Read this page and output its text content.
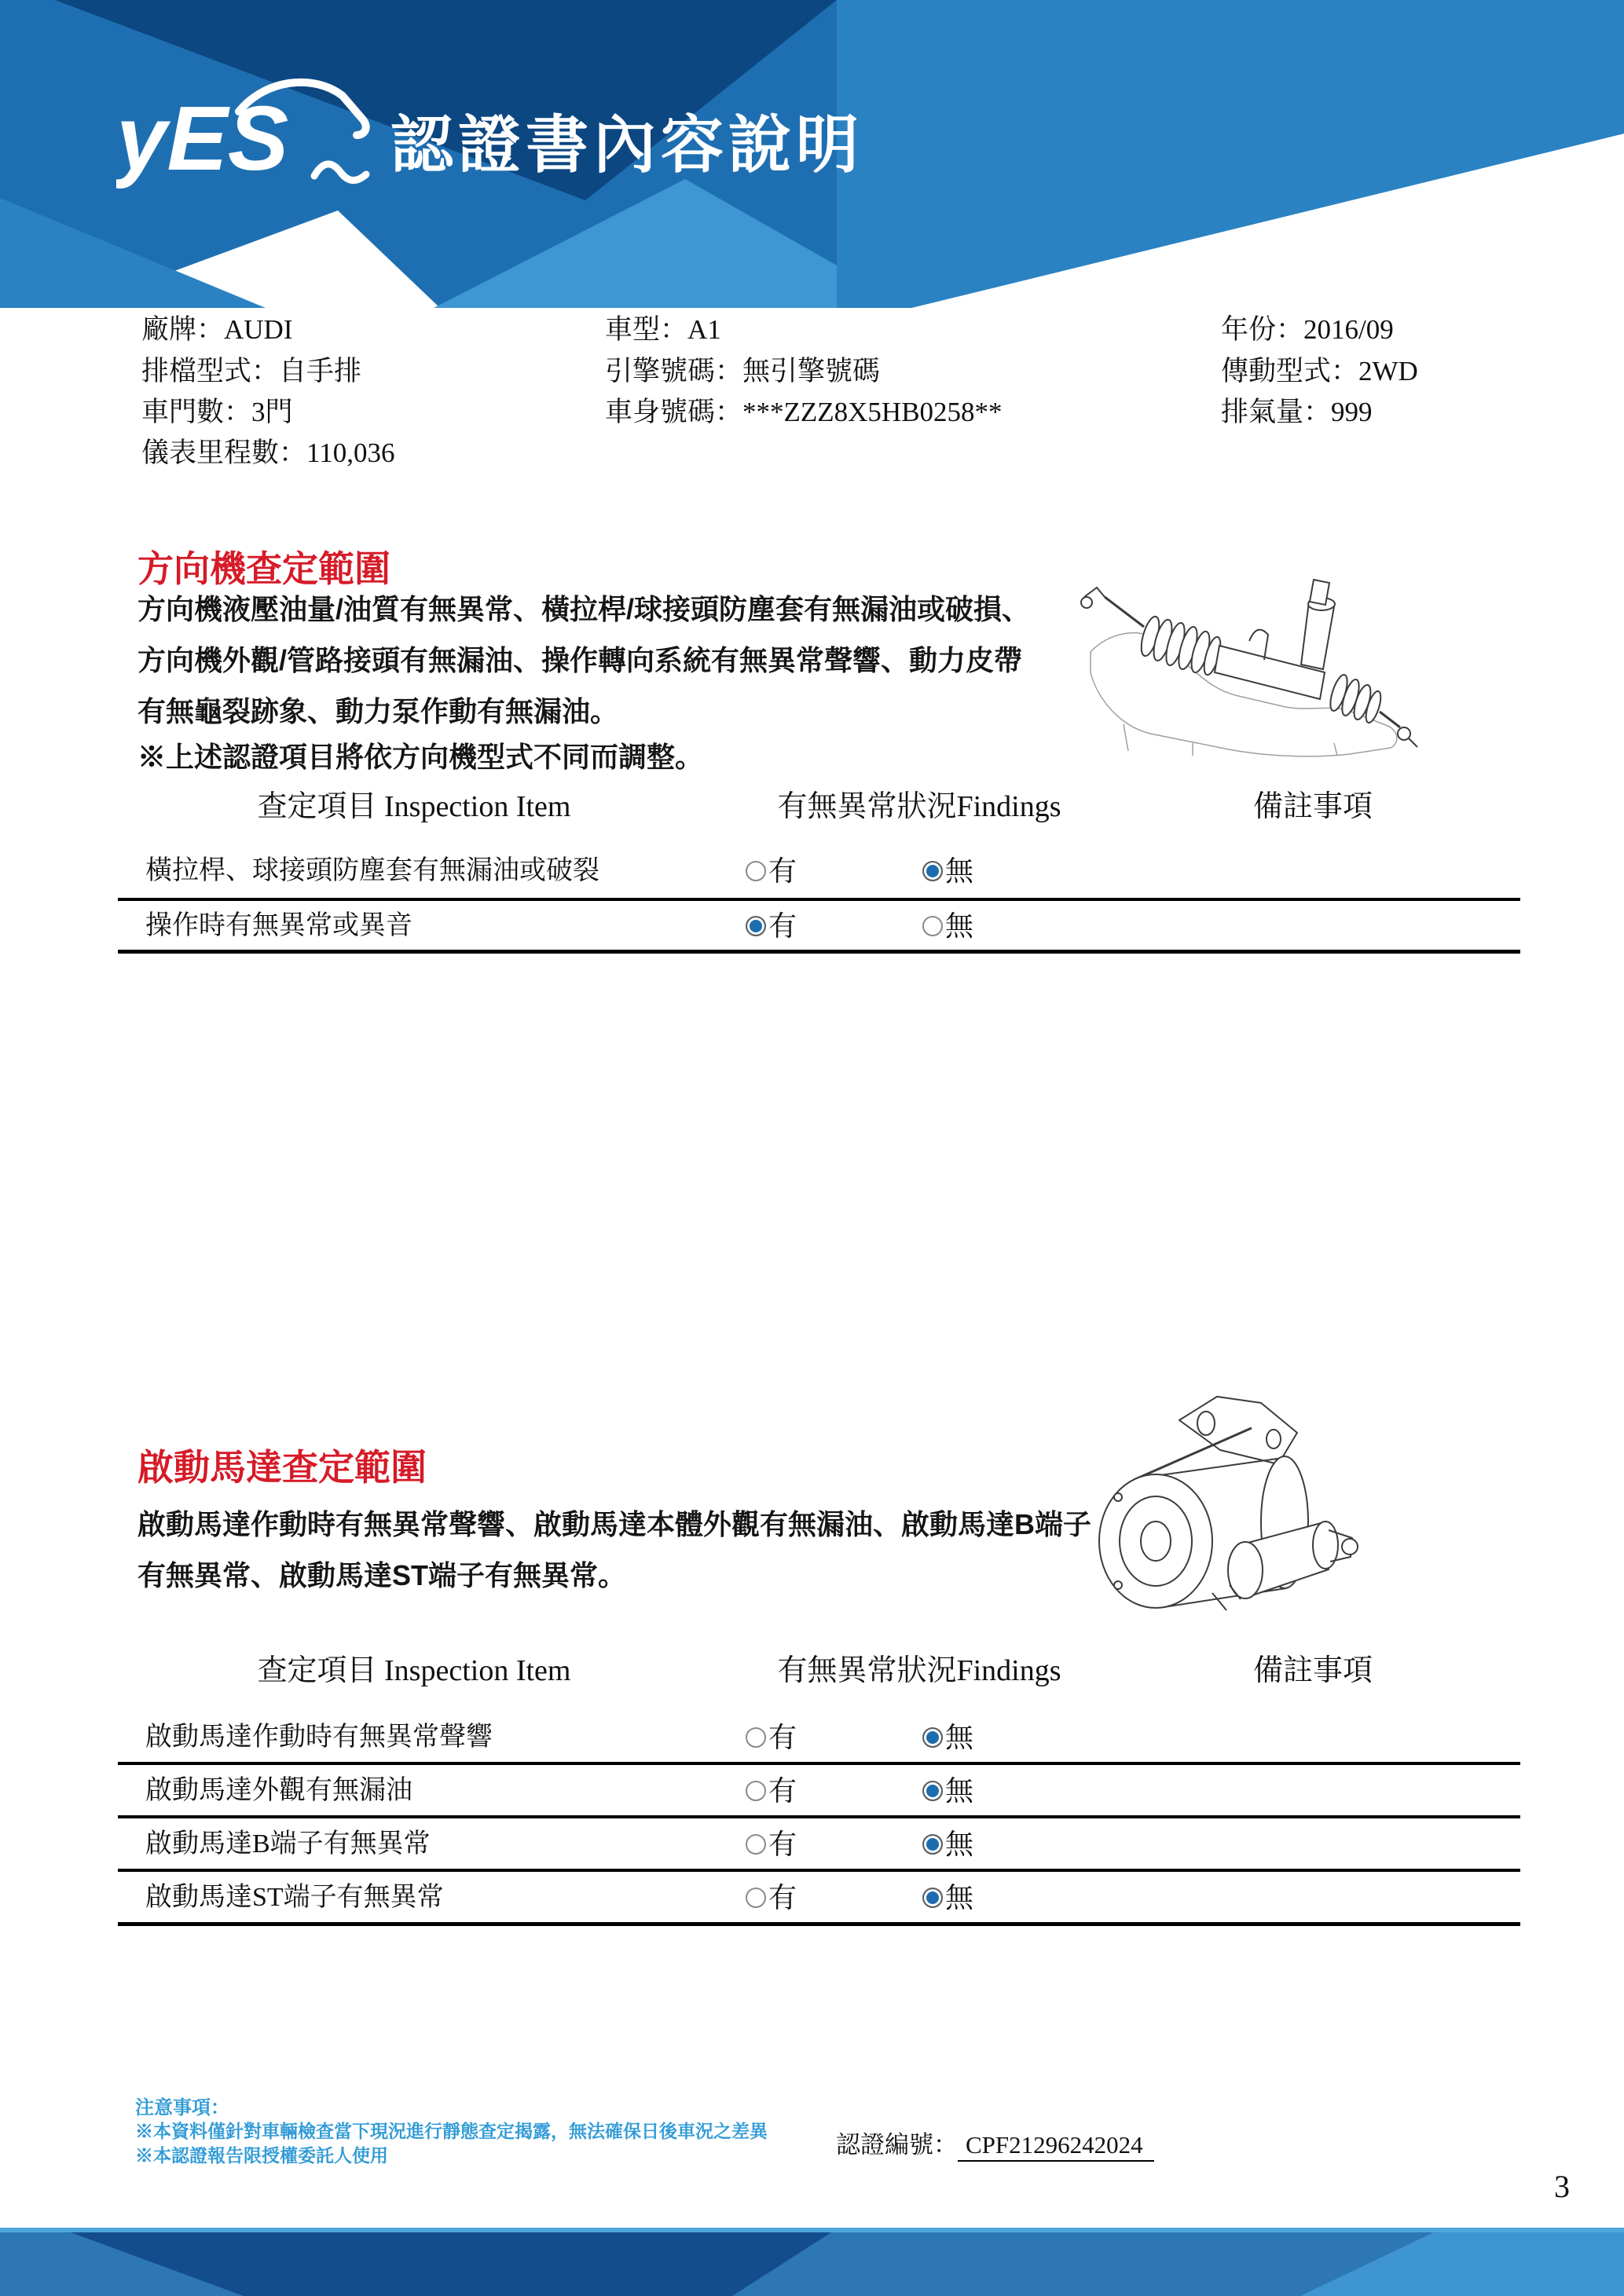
yES 認證書內容說明
廠牌：AUDI
排檔型式：自手排
車門數：3門
儀表里程數：110,036
車型：A1
引擎號碼：無引擎號碼
車身號碼：***ZZZ8X5HB0258**
年份：2016/09
傳動型式：2WD
排氣量：999
方向機查定範圍
方向機液壓油量/油質有無異常、橫拉桿/球接頭防塵套有無漏油或破損、
方向機外觀/管路接頭有無漏油、操作轉向系統有無異常聲響、動力皮帶
有無龜裂跡象、動力泵作動有無漏油。
※上述認證項目將依方向機型式不同而調整。
查定項目 Inspection Item	有無異常狀況Findings	備註事項
橫拉桿、球接頭防塵套有無漏油或破裂	有	無
操作時有無異常或異音	有	無
啟動馬達查定範圍
啟動馬達作動時有無異常聲響、啟動馬達本體外觀有無漏油、啟動馬達B端子
有無異常、啟動馬達ST端子有無異常。
查定項目 Inspection Item	有無異常狀況Findings	備註事項
啟動馬達作動時有無異常聲響	有	無
啟動馬達外觀有無漏油	有	無
啟動馬達B端子有無異常	有	無
啟動馬達ST端子有無異常	有	無
注意事項：
※本資料僅針對車輛檢查當下現況進行靜態查定揭露，無法確保日後車況之差異
※本認證報告限授權委託人使用	認證編號： CPF21296242024
3
